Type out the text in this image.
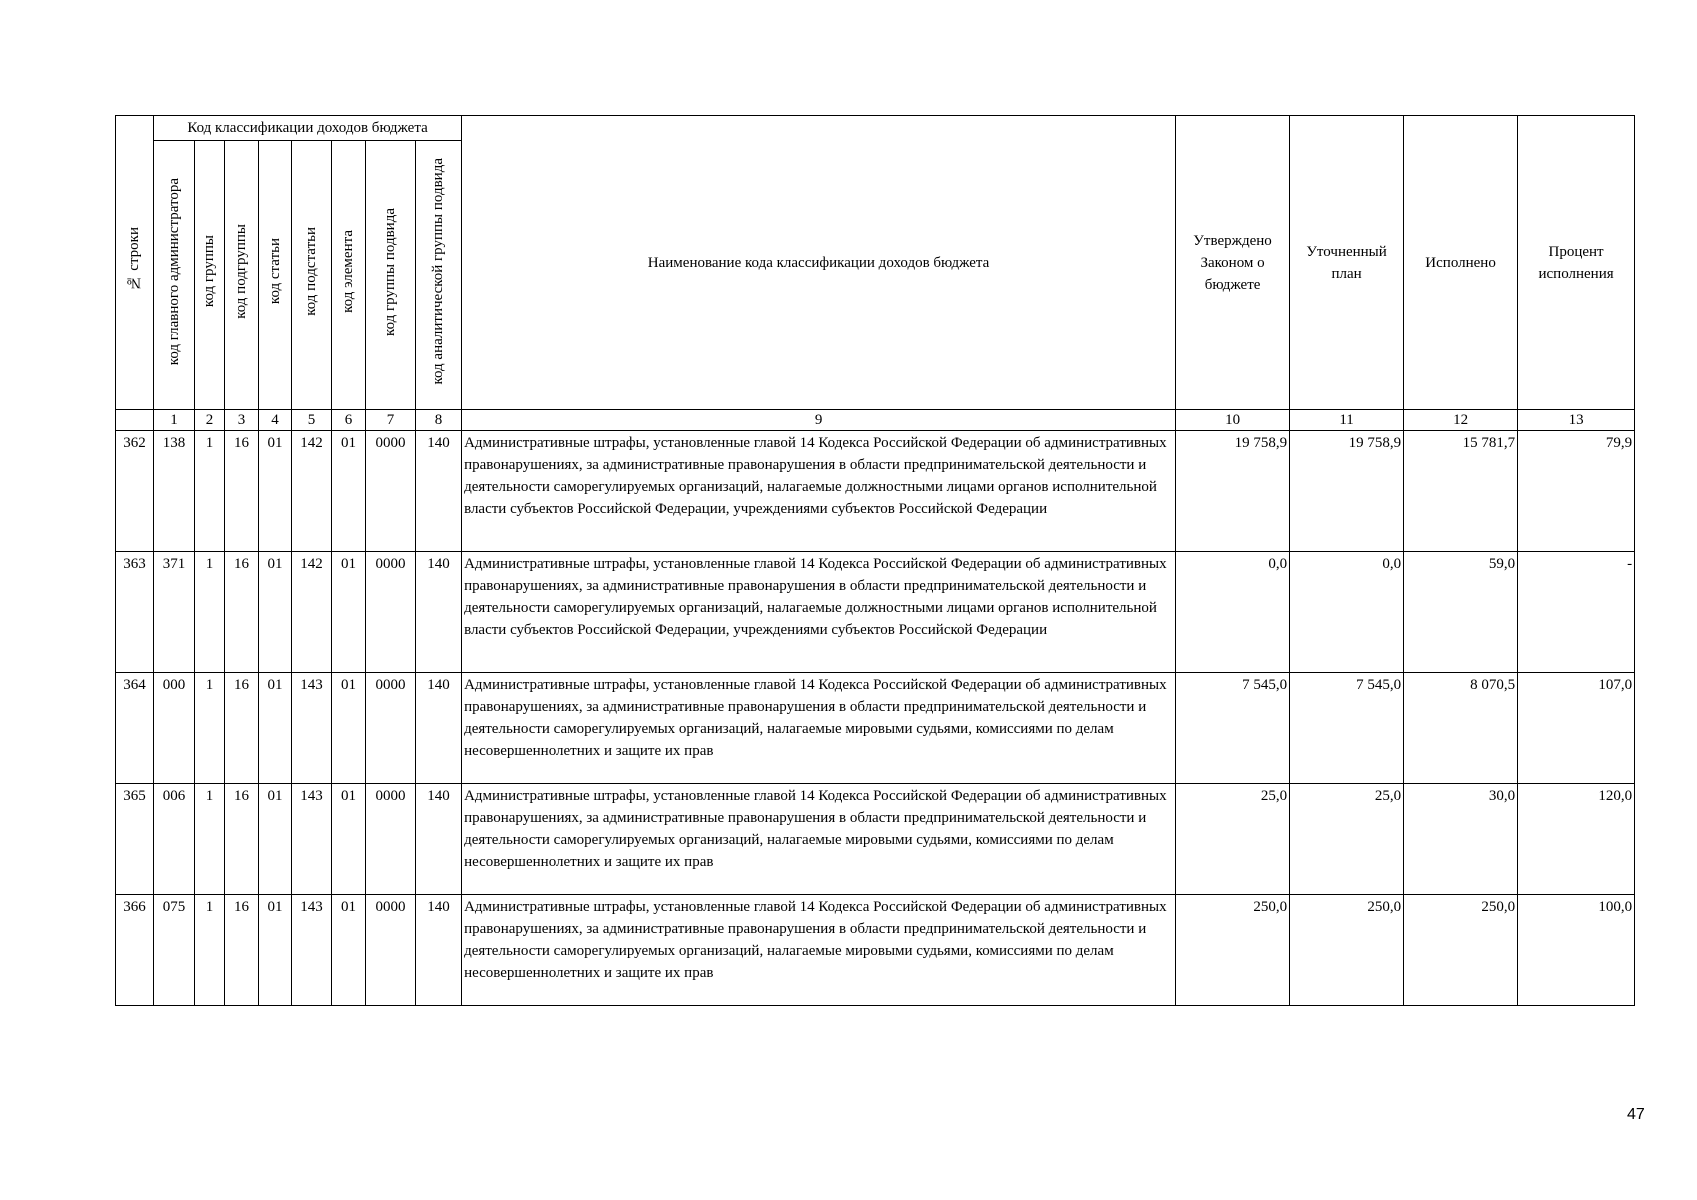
№ строки	Код классификации доходов бюджета								Наименование кода классификации доходов бюджета	Утверждено Законом о бюджете	Уточненный план	Исполнено	Процент исполнения
	код главного администратора	код группы	код подгруппы	код статьи	код подстатьи	код элемента	код группы подвида	код аналитической группы подвида					
	1	2	3	4	5	6	7	8	9	10	11	12	13
362	138	1	16	01	142	01	0000	140	Административные штрафы, установленные главой 14 Кодекса Российской Федерации об административных правонарушениях, за административные правонарушения в области предпринимательской деятельности и деятельности саморегулируемых организаций, налагаемые должностными лицами органов исполнительной власти субъектов Российской Федерации, учреждениями субъектов Российской Федерации	19 758,9	19 758,9	15 781,7	79,9
363	371	1	16	01	142	01	0000	140	Административные штрафы, установленные главой 14 Кодекса Российской Федерации об административных правонарушениях, за административные правонарушения в области предпринимательской деятельности и деятельности саморегулируемых организаций, налагаемые должностными лицами органов исполнительной власти субъектов Российской Федерации, учреждениями субъектов Российской Федерации	0,0	0,0	59,0	-
364	000	1	16	01	143	01	0000	140	Административные штрафы, установленные главой 14 Кодекса Российской Федерации об административных правонарушениях, за административные правонарушения в области предпринимательской деятельности и деятельности саморегулируемых организаций, налагаемые мировыми судьями, комиссиями по делам несовершеннолетних и защите их прав	7 545,0	7 545,0	8 070,5	107,0
365	006	1	16	01	143	01	0000	140	Административные штрафы, установленные главой 14 Кодекса Российской Федерации об административных правонарушениях, за административные правонарушения в области предпринимательской деятельности и деятельности саморегулируемых организаций, налагаемые мировыми судьями, комиссиями по делам несовершеннолетних и защите их прав	25,0	25,0	30,0	120,0
366	075	1	16	01	143	01	0000	140	Административные штрафы, установленные главой 14 Кодекса Российской Федерации об административных правонарушениях, за административные правонарушения в области предпринимательской деятельности и деятельности саморегулируемых организаций, налагаемые мировыми судьями, комиссиями по делам несовершеннолетних и защите их прав	250,0	250,0	250,0	100,0
47
